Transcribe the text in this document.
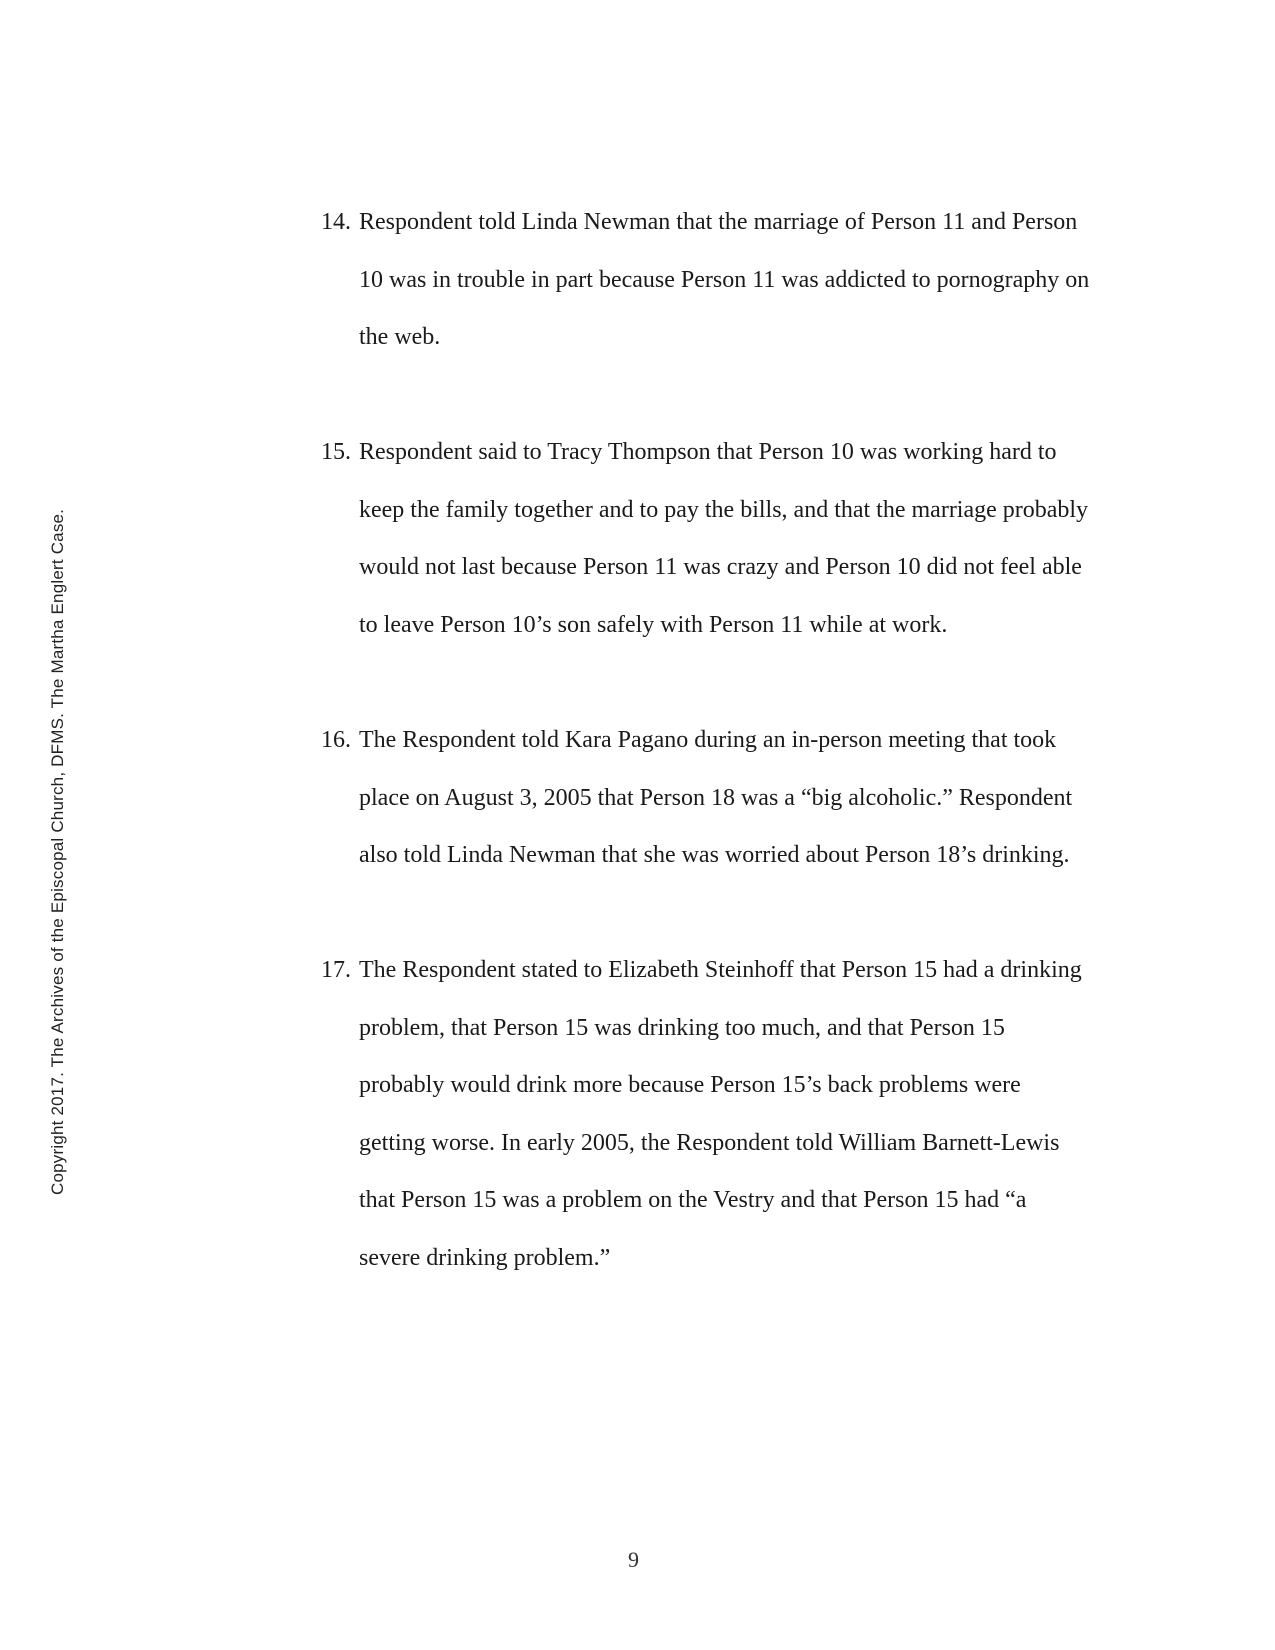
Copyright 2017. The Archives of the Episcopal Church, DFMS. The Martha Englert Case.
14. Respondent told Linda Newman that the marriage of Person 11 and Person
10 was in trouble in part because Person 11 was addicted to pornography on
the web.
15. Respondent said to Tracy Thompson that Person 10 was working hard to
keep the family together and to pay the bills, and that the marriage probably
would not last because Person 11 was crazy and Person 10 did not feel able
to leave Person 10’s son safely with Person 11 while at work.
16. The Respondent told Kara Pagano during an in-person meeting that took
place on August 3, 2005 that Person 18 was a “big alcoholic.” Respondent
also told Linda Newman that she was worried about Person 18’s drinking.
17. The Respondent stated to Elizabeth Steinhoff that Person 15 had a drinking
problem, that Person 15 was drinking too much, and that Person 15
probably would drink more because Person 15’s back problems were
getting worse. In early 2005, the Respondent told William Barnett-Lewis
that Person 15 was a problem on the Vestry and that Person 15 had “a
severe drinking problem.”
9
